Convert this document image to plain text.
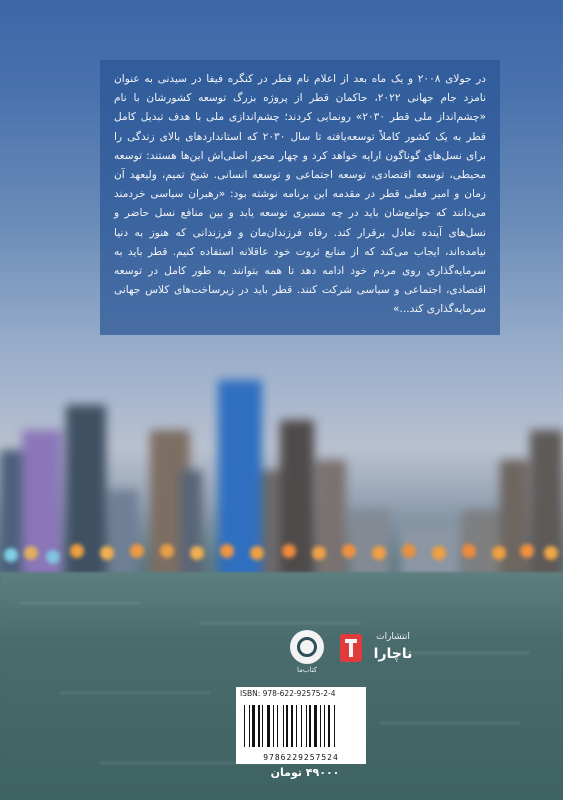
در جولای ۲۰۰۸ و یک ماه بعد از اعلام نام قطر در کنگره فیفا در سیدنی به عنوان نامزد جام جهانی ۲۰۲۲، حاکمان قطر از پروژه بزرگ توسعه کشورشان با نام «چشم‌انداز ملی قطر ۲۰۳۰» رونمایی کردند؛ چشم‌اندازی ملی با هدف تبدیل کامل قطر به یک کشور کاملاً توسعه‌یافته تا سال ۲۰۳۰ که استانداردهای بالای زندگی را برای نسل‌های گوناگون ارایه خواهد کرد و چهار محور اصلی‌اش این‌ها هستند: توسعه محیطی، توسعه اقتصادی، توسعه اجتماعی و توسعه انسانی. شیخ تمیم، ولیعهد آن زمان و امیر فعلی قطر در مقدمه این برنامه نوشته بود: «رهبران سیاسی خردمند می‌دانند که جوامع‌شان باید در چه مسیری توسعه یابد و بین منافع نسل حاضر و نسل‌های آینده تعادل برقرار کند. رفاه فرزندان‌مان و فرزندانی که هنوز به دنیا نیامده‌اند، ایجاب می‌کند که از منابع ثروت خود عاقلانه استفاده کنیم. قطر باید به سرمایه‌گذاری روی مردم خود ادامه دهد تا همه بتوانند به طور کامل در توسعه اقتصادی، اجتماعی و سیاسی شرکت کنند. قطر باید در زیرساخت‌های کلاس جهانی سرمایه‌گذاری کند...»

کتاب‌ما
انتشارات
ناچارا
ISBN: 978-622-92575-2-4
9786229257524
۴۹۰۰۰ تومان
